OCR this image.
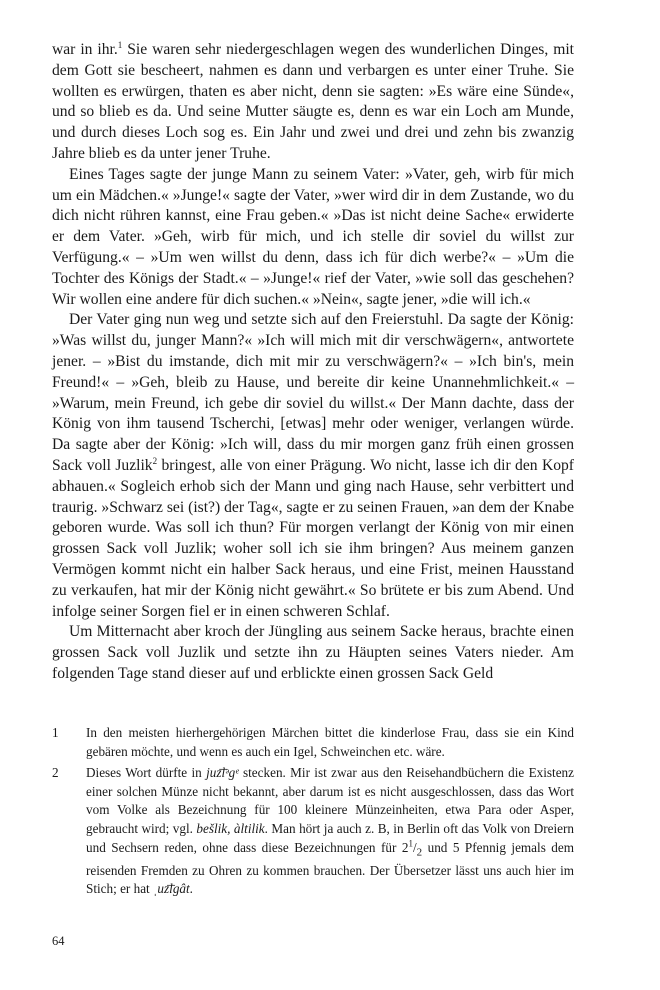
war in ihr.$^1$ Sie waren sehr niedergeschlagen wegen des wunderlichen Dinges, mit dem Gott sie bescheert, nahmen es dann und verbargen es unter einer Truhe. Sie wollten es erwürgen, thaten es aber nicht, denn sie sagten: »Es wäre eine Sünde«, und so blieb es da. Und seine Mutter säugte es, denn es war ein Loch am Munde, und durch dieses Loch sog es. Ein Jahr und zwei und drei und zehn bis zwanzig Jahre blieb es da unter jener Truhe.

Eines Tages sagte der junge Mann zu seinem Vater: »Vater, geh, wirb für mich um ein Mädchen.« »Junge!« sagte der Vater, »wer wird dir in dem Zustande, wo du dich nicht rühren kannst, eine Frau geben.« »Das ist nicht deine Sache« erwiderte er dem Vater. »Geh, wirb für mich, und ich stelle dir soviel du willst zur Verfügung.« – »Um wen willst du denn, dass ich für dich werbe?« – »Um die Tochter des Königs der Stadt.« – »Junge!« rief der Vater, »wie soll das geschehen? Wir wollen eine andere für dich suchen.« »Nein«, sagte jener, »die will ich.«

Der Vater ging nun weg und setzte sich auf den Freierstuhl. Da sagte der König: »Was willst du, junger Mann?« »Ich will mich mit dir verschwägern«, antwortete jener. – »Bist du imstande, dich mit mir zu verschwägern?« – »Ich bin's, mein Freund!« – »Geh, bleib zu Hause, und bereite dir keine Unannehmlichkeit.« – »Warum, mein Freund, ich gebe dir soviel du willst.« Der Mann dachte, dass der König von ihm tausend Tscherchi, [etwas] mehr oder weniger, verlangen würde. Da sagte aber der König: »Ich will, dass du mir morgen ganz früh einen grossen Sack voll Juzlik$^2$ bringest, alle von einer Prägung. Wo nicht, lasse ich dir den Kopf abhauen.« Sogleich erhob sich der Mann und ging nach Hause, sehr verbittert und traurig. »Schwarz sei (ist?) der Tag«, sagte er zu seinen Frauen, »an dem der Knabe geboren wurde. Was soll ich thun? Für morgen verlangt der König von mir einen grossen Sack voll Juzlik; woher soll ich sie ihm bringen? Aus meinem ganzen Vermögen kommt nicht ein halber Sack heraus, und eine Frist, meinen Hausstand zu verkaufen, hat mir der König nicht gewährt.« So brütete er bis zum Abend. Und infolge seiner Sorgen fiel er in einen schweren Schlaf.

Um Mitternacht aber kroch der Jüngling aus seinem Sacke heraus, brachte einen grossen Sack voll Juzlik und setzte ihn zu Häupten seines Vaters nieder. Am folgenden Tage stand dieser auf und erblickte einen grossen Sack Geld

1	In den meisten hierhergehörigen Märchen bittet die kinderlose Frau, dass sie ein Kind gebären möchte, und wenn es auch ein Igel, Schweinchen etc. wäre.
2	Dieses Wort dürfte in juz͞lᵊgᵉ stecken. Mir ist zwar aus den Reisehandbüchern die Existenz einer solchen Münze nicht bekannt, aber darum ist es nicht ausgeschlossen, dass das Wort vom Volke als Bezeichnung für 100 kleinere Münzeinheiten, etwa Para oder Asper, gebraucht wird; vgl. bešlik, àltilik. Man hört ja auch z. B, in Berlin oft das Volk von Dreiern und Sechsern reden, ohne dass diese Bezeichnungen für $2^1/_2$ und 5 Pfennig jemals dem reisenden Fremden zu Ohren zu kommen brauchen. Der Übersetzer lässt uns auch hier im Stich; er hat ˌuz͞lgât.
64
